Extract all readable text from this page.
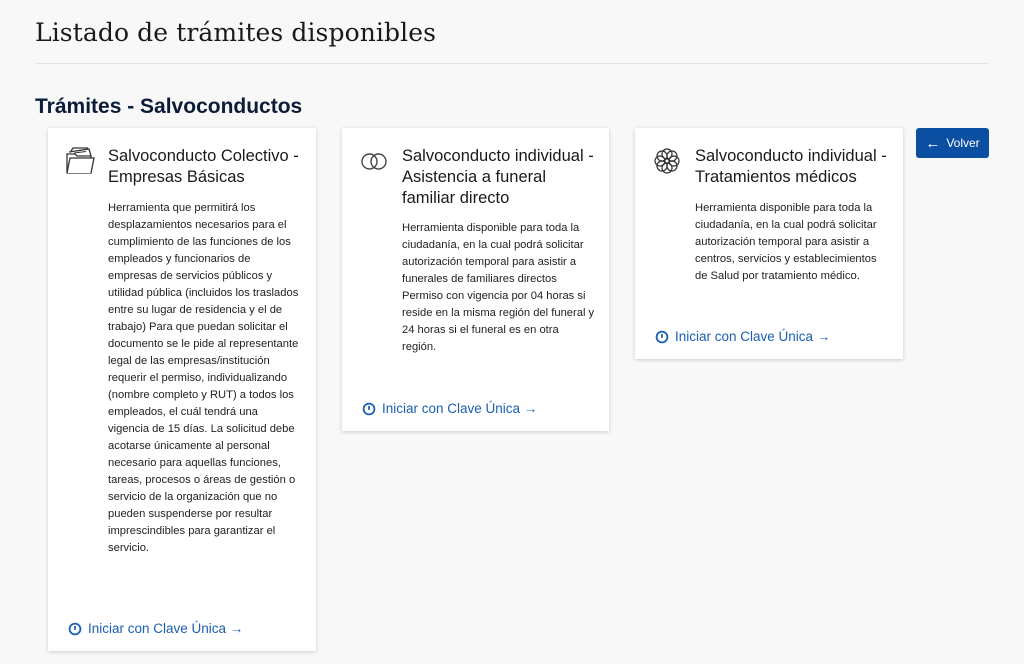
Listado de trámites disponibles
Trámites - Salvoconductos
← Volver
Salvoconducto Colectivo - Empresas Básicas
Herramienta que permitirá los desplazamientos necesarios para el cumplimiento de las funciones de los empleados y funcionarios de empresas de servicios públicos y utilidad pública (incluidos los traslados entre su lugar de residencia y el de trabajo) Para que puedan solicitar el documento se le pide al representante legal de las empresas/institución requerir el permiso, individualizando (nombre completo y RUT) a todos los empleados, el cuál tendrá una vigencia de 15 días. La solicitud debe acotarse únicamente al personal necesario para aquellas funciones, tareas, procesos o áreas de gestión o servicio de la organización que no pueden suspenderse por resultar imprescindibles para garantizar el servicio.
Iniciar con Clave Única →
Salvoconducto individual - Asistencia a funeral familiar directo
Herramienta disponible para toda la ciudadanía, en la cual podrá solicitar autorización temporal para asistir a funerales de familiares directos Permiso con vigencia por 04 horas si reside en la misma región del funeral y 24 horas si el funeral es en otra región.
Iniciar con Clave Única →
Salvoconducto individual - Tratamientos médicos
Herramienta disponible para toda la ciudadanía, en la cual podrá solicitar autorización temporal para asistir a centros, servicios y establecimientos de Salud por tratamiento médico.
Iniciar con Clave Única →
